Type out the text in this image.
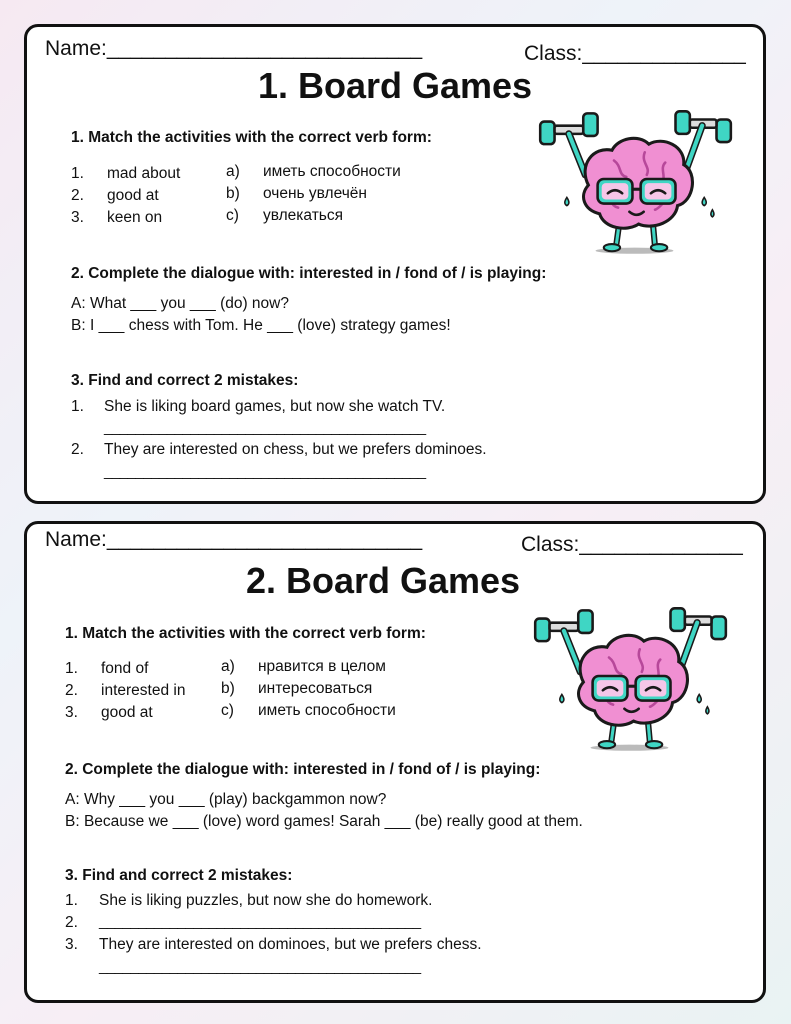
Name:___________________________	Class:______________
1. Board Games
1. Match the activities with the correct verb form:
1. mad about
2. good at
3. keen on
a) иметь способности
b) очень увлечён
c) увлекаться
2. Complete the dialogue with: interested in / fond of / is playing:
A: What ___ you ___ (do) now?
B: I ___ chess with Tom. He ___ (love) strategy games!
3. Find and correct 2 mistakes:
1. She is liking board games, but now she watch TV.
_________________________________________
2. They are interested on chess, but we prefers dominoes.
_________________________________________
Name:___________________________	Class:______________
2. Board Games
1. Match the activities with the correct verb form:
1. fond of
2. interested in
3. good at
a) нравится в целом
b) интересоваться
c) иметь способности
2. Complete the dialogue with: interested in / fond of / is playing:
A: Why ___ you ___ (play) backgammon now?
B: Because we ___ (love) word games! Sarah ___ (be) really good at them.
3. Find and correct 2 mistakes:
1. She is liking puzzles, but now she do homework.
2. _________________________________________
3. They are interested on dominoes, but we prefers chess.
_________________________________________
